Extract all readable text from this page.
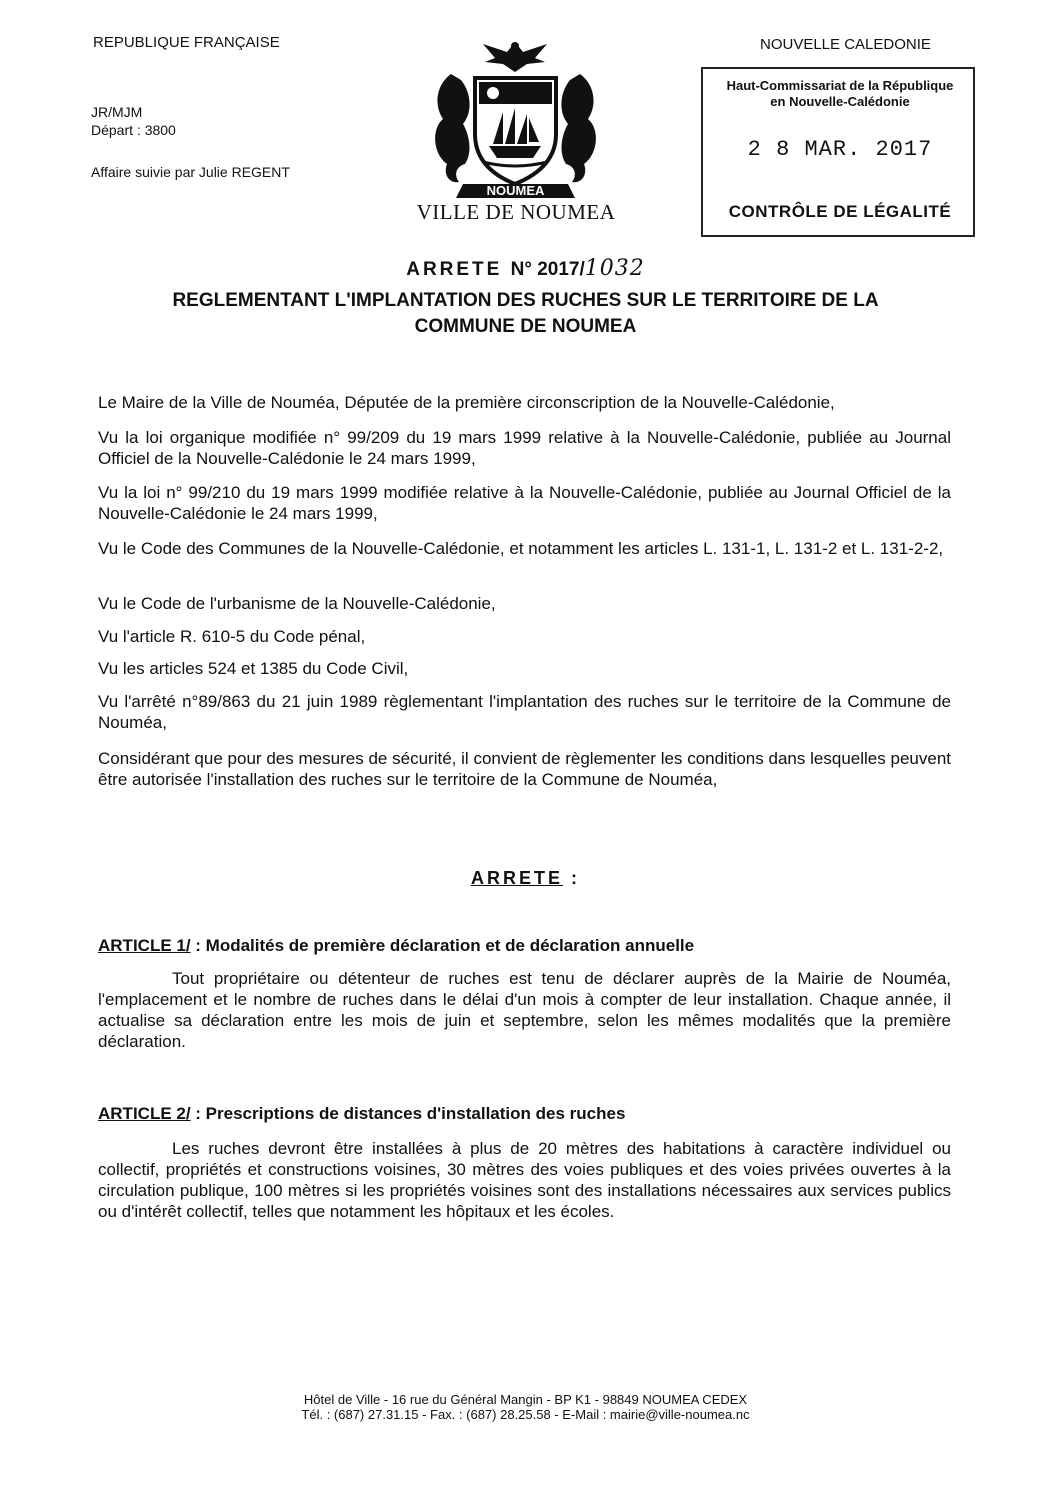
REPUBLIQUE FRANÇAISE
JR/MJM
Départ : 3800
Affaire suivie par Julie REGENT
NOUMEA
VILLE DE NOUMEA
NOUVELLE CALEDONIE
Haut-Commissariat de la République
en Nouvelle-Calédonie
2 8 MAR. 2017
CONTRÔLE DE LÉGALITÉ
ARRETE N° 2017/1032
REGLEMENTANT L'IMPLANTATION DES RUCHES SUR LE TERRITOIRE DE LA
COMMUNE DE NOUMEA

Le Maire de la Ville de Nouméa, Députée de la première circonscription de la Nouvelle-Calédonie,

Vu la loi organique modifiée n° 99/209 du 19 mars 1999 relative à la Nouvelle-Calédonie, publiée au Journal Officiel de la Nouvelle-Calédonie le 24 mars 1999,

Vu la loi n° 99/210 du 19 mars 1999 modifiée relative à la Nouvelle-Calédonie, publiée au Journal Officiel de la Nouvelle-Calédonie le 24 mars 1999,

Vu le Code des Communes de la Nouvelle-Calédonie, et notamment les articles L. 131-1, L. 131-2 et L. 131-2-2,

Vu le Code de l'urbanisme de la Nouvelle-Calédonie,

Vu l'article R. 610-5 du Code pénal,

Vu les articles 524 et 1385 du Code Civil,

Vu l'arrêté n°89/863 du 21 juin 1989 règlementant l'implantation des ruches sur le territoire de la Commune de Nouméa,

Considérant que pour des mesures de sécurité, il convient de règlementer les conditions dans lesquelles peuvent être autorisée l'installation des ruches sur le territoire de la Commune de Nouméa,

ARRETE :
ARTICLE 1/ : Modalités de première déclaration et de déclaration annuelle

Tout propriétaire ou détenteur de ruches est tenu de déclarer auprès de la Mairie de Nouméa, l'emplacement et le nombre de ruches dans le délai d'un mois à compter de leur installation. Chaque année, il actualise sa déclaration entre les mois de juin et septembre, selon les mêmes modalités que la première déclaration.

ARTICLE 2/ : Prescriptions de distances d'installation des ruches

Les ruches devront être installées à plus de 20 mètres des habitations à caractère individuel ou collectif, propriétés et constructions voisines, 30 mètres des voies publiques et des voies privées ouvertes à la circulation publique, 100 mètres si les propriétés voisines sont des installations nécessaires aux services publics ou d'intérêt collectif, telles que notamment les hôpitaux et les écoles.

Hôtel de Ville - 16 rue du Général Mangin - BP K1 - 98849 NOUMEA CEDEX
Tél. : (687) 27.31.15 - Fax. : (687) 28.25.58 - E-Mail : mairie@ville-noumea.nc
